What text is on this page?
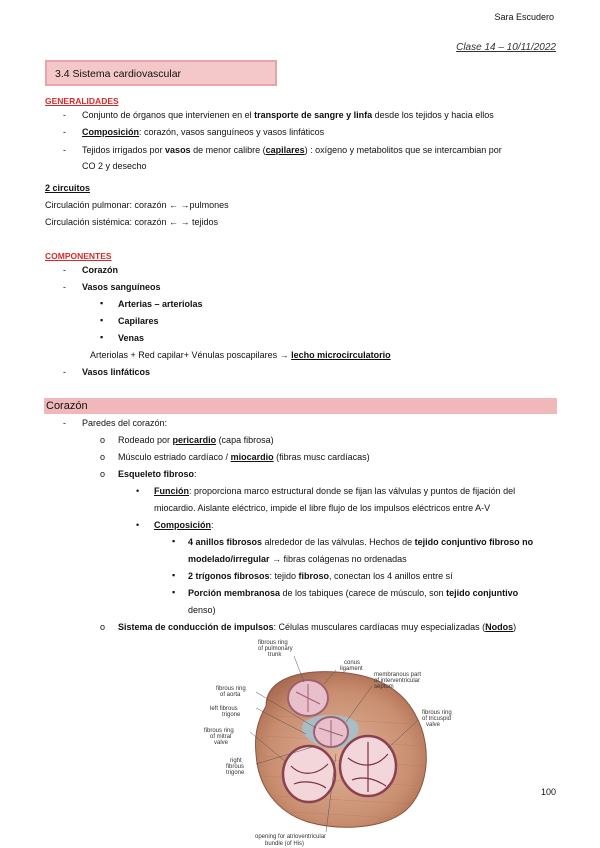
Sara Escudero
Clase 14 – 10/11/2022
3.4 Sistema cardiovascular
GENERALIDADES
- Conjunto de órganos que intervienen en el transporte de sangre y linfa desde los tejidos y hacia ellos
- Composición: corazón, vasos sanguíneos y vasos linfáticos
- Tejidos irrigados por vasos de menor calibre (capilares) : oxígeno y metabolitos que se intercambian por
CO 2 y desecho
2 circuitos
Circulación pulmonar: corazón ← →pulmones
Circulación sistémica: corazón ← → tejidos
COMPONENTES
- Corazón
- Vasos sanguíneos
▪ Arterias – arteriolas
▪ Capilares
▪ Venas
Arteriolas + Red capilar+ Vénulas poscapilares → lecho microcirculatorio
- Vasos linfáticos
Corazón
- Paredes del corazón:
o Rodeado por pericardio (capa fibrosa)
o Músculo estriado cardíaco / miocardio (fibras musc cardíacas)
o Esqueleto fibroso:
• Función: proporciona marco estructural donde se fijan las válvulas y puntos de fijación del
miocardio. Aislante eléctrico, impide el libre flujo de los impulsos eléctricos entre A-V
• Composición:
▪ 4 anillos fibrosos alrededor de las válvulas. Hechos de tejido conjuntivo fibroso no
modelado/irregular → fibras colágenas no ordenadas
▪ 2 trígonos fibrosos: tejido fibroso, conectan los 4 anillos entre sí
▪ Porción membranosa de los tabiques (carece de músculo, son tejido conjuntivo
denso)
o Sistema de conducción de impulsos: Células musculares cardíacas muy especializadas (Nodos)
fibrous ring
of pulmonary
trunk
conus
ligament
membranous part
of interventricular
septum
fibrous ring
of aorta
left fibrous
trigone
fibrous ring
of mitral
valve
right
fibrous
trigone
fibrous ring
of tricuspid
valve
opening for atrioventricular
bundle (of His)
100
